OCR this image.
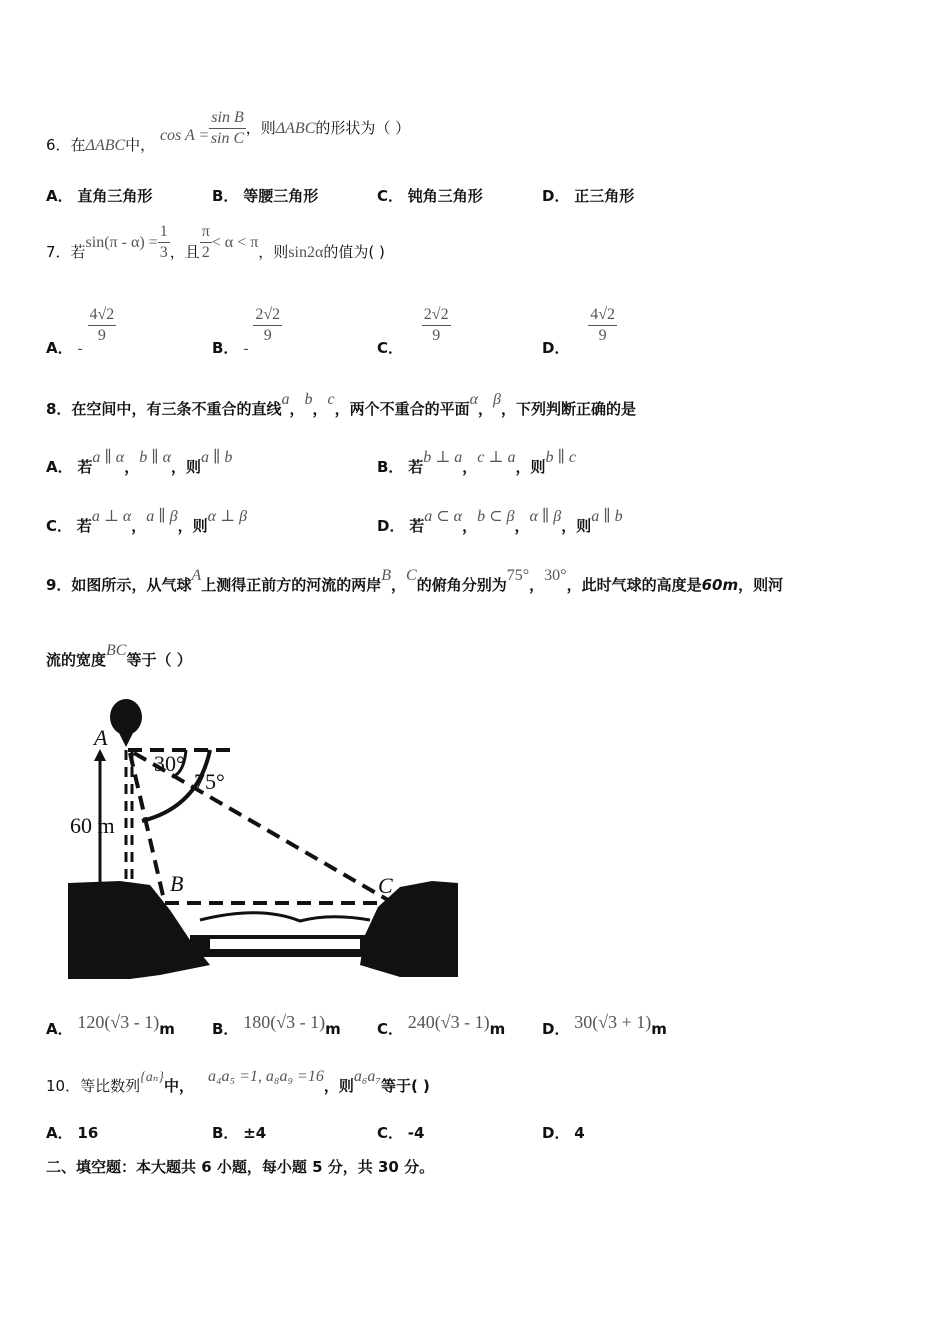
6．在ΔABC中， $\cos A = \frac{\text{sin B}}{\text{sin C}}$ ，则ΔABC的形状为（ ）
A． 直角三角形	B． 等腰三角形	C． 钝角三角形	D． 正三角形
7．若$\sin(\pi - \alpha) = \frac{1}{3}$ ，且 $\frac{\pi}{2} < \alpha < \pi$，则sin2α的值为( )
A． -
$\frac{4√2}{9}$
B． -
$\frac{2√2}{9}$
C．
$\frac{2√2}{9}$
D．
$\frac{4√2}{9}$
8．在空间中，有三条不重合的直线a，b，c，两个不重合的平面α，β，下列判断正确的是
A． 若a ∥ α，b ∥ α，则a ∥ b
B． 若b ⊥ a，c ⊥ a，则b ∥ c
C． 若a ⊥ α，a ∥ β，则α ⊥ β
D． 若a ⊂ α，b ⊂ β，α ∥ β，则a ∥ b
9．如图所示，从气球A上测得正前方的河流的两岸B，C的俯角分别为75°，30°，此时气球的高度是60m，则河
流的宽度BC等于（ ）
A
B	C
30°
75°
60 m
A． 120(√3 - 1)m B． 180(√3 - 1)m C． 240(√3 - 1)m D． 30(√3 + 1)m
10．等比数列{aₙ}中，a₄a₅ =1, a₈a₉ =16，则a₆a₇等于( )
A． 16	B． ±4	C． -4	D． 4
二、填空题：本大题共 6 小题，每小题 5 分，共 30 分。
